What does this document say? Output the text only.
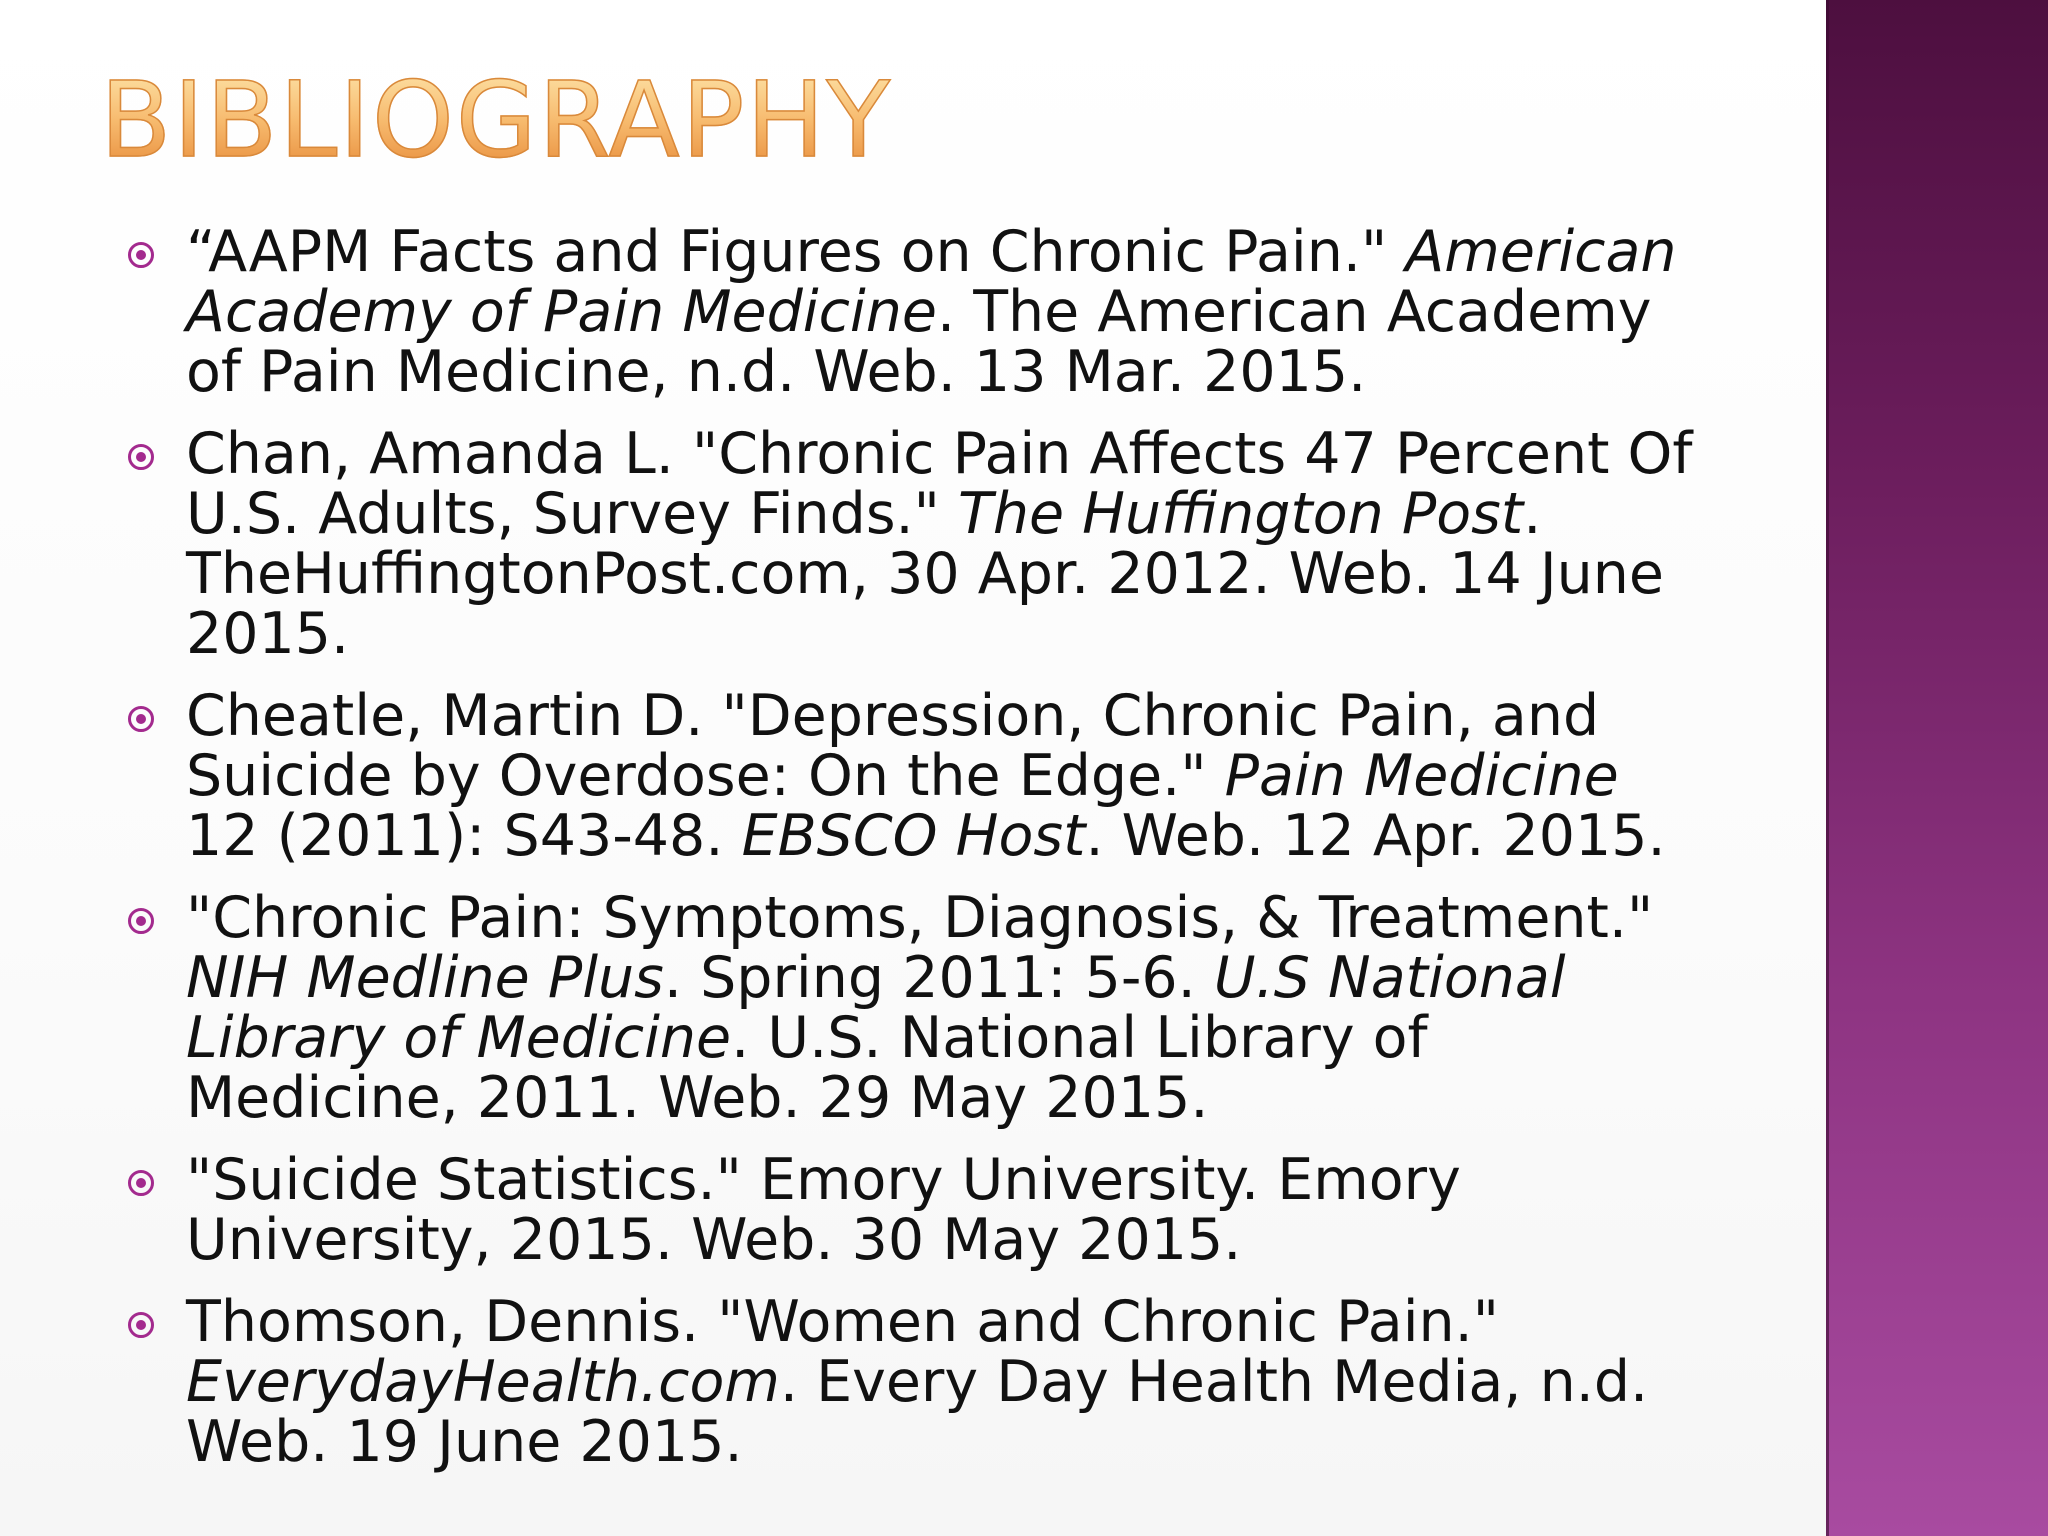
BIBLIOGRAPHY
“AAPM Facts and Figures on Chronic Pain." American Academy of Pain Medicine. The American Academy of Pain Medicine, n.d. Web. 13 Mar. 2015.
Chan, Amanda L. "Chronic Pain Affects 47 Percent Of U.S. Adults, Survey Finds." The Huffington Post. TheHuffingtonPost.com, 30 Apr. 2012. Web. 14 June 2015.
Cheatle, Martin D. "Depression, Chronic Pain, and Suicide by Overdose: On the Edge." Pain Medicine 12 (2011): S43-48. EBSCO Host. Web. 12 Apr. 2015.
"Chronic Pain: Symptoms, Diagnosis, & Treatment." NIH Medline Plus. Spring 2011: 5-6. U.S National Library of Medicine. U.S. National Library of Medicine, 2011. Web. 29 May 2015.
"Suicide Statistics." Emory University. Emory University, 2015. Web. 30 May 2015.
Thomson, Dennis. "Women and Chronic Pain." EverydayHealth.com. Every Day Health Media, n.d. Web. 19 June 2015.
